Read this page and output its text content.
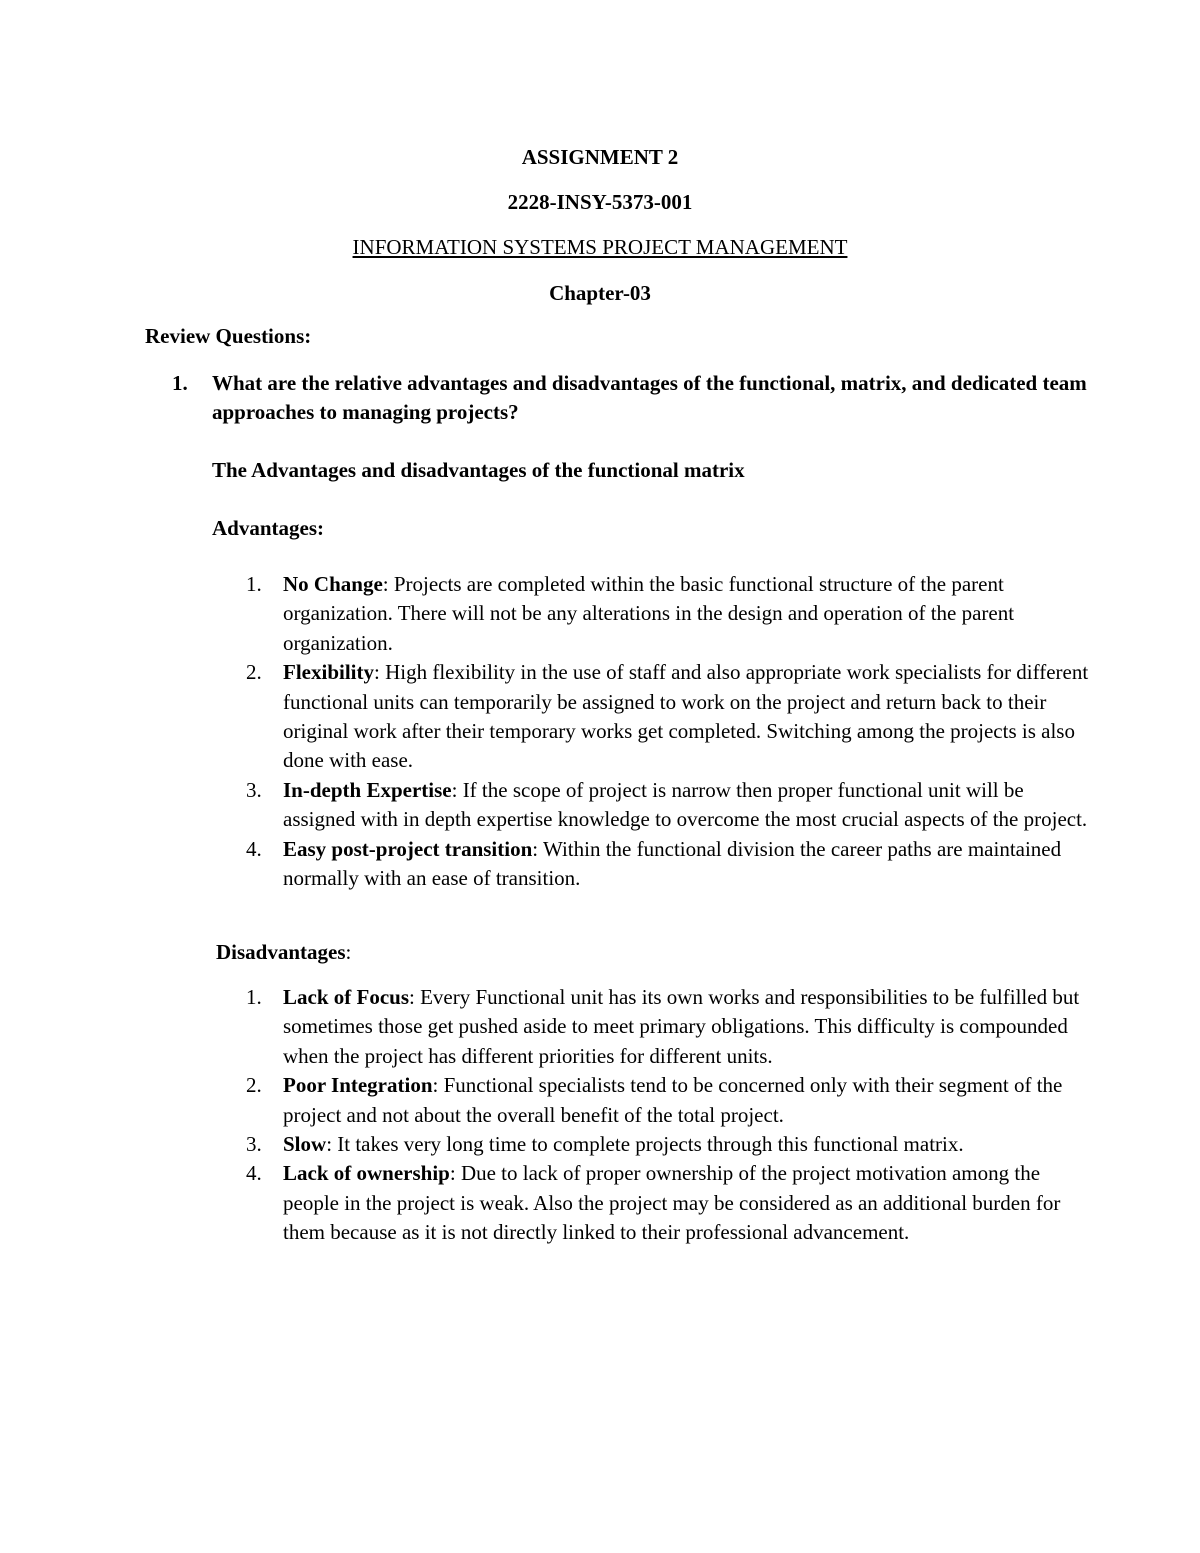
ASSIGNMENT 2
2228-INSY-5373-001
INFORMATION SYSTEMS PROJECT MANAGEMENT
Chapter-03
Review Questions:
1. What are the relative advantages and disadvantages of the functional, matrix, and dedicated team approaches to managing projects?
The Advantages and disadvantages of the functional matrix
Advantages:
1. No Change: Projects are completed within the basic functional structure of the parent organization. There will not be any alterations in the design and operation of the parent organization.
2. Flexibility: High flexibility in the use of staff and also appropriate work specialists for different functional units can temporarily be assigned to work on the project and return back to their original work after their temporary works get completed. Switching among the projects is also done with ease.
3. In-depth Expertise: If the scope of project is narrow then proper functional unit will be assigned with in depth expertise knowledge to overcome the most crucial aspects of the project.
4. Easy post-project transition: Within the functional division the career paths are maintained normally with an ease of transition.
Disadvantages:
1. Lack of Focus: Every Functional unit has its own works and responsibilities to be fulfilled but sometimes those get pushed aside to meet primary obligations. This difficulty is compounded when the project has different priorities for different units.
2. Poor Integration: Functional specialists tend to be concerned only with their segment of the project and not about the overall benefit of the total project.
3. Slow: It takes very long time to complete projects through this functional matrix.
4. Lack of ownership: Due to lack of proper ownership of the project motivation among the people in the project is weak. Also the project may be considered as an additional burden for them because as it is not directly linked to their professional advancement.
